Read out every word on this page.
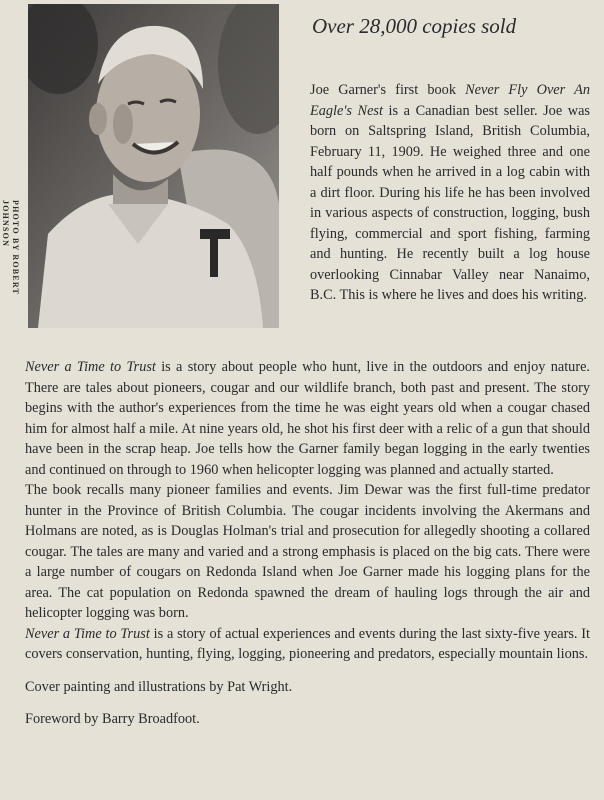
PHOTO BY ROBERT JOHNSON
Over 28,000 copies sold
Joe Garner's first book Never Fly Over An Eagle's Nest is a Canadian best seller. Joe was born on Saltspring Island, British Columbia, February 11, 1909. He weighed three and one half pounds when he arrived in a log cabin with a dirt floor. During his life he has been involved in various aspects of construction, logging, bush flying, commercial and sport fishing, farming and hunting. He recently built a log house overlooking Cinnabar Valley near Nanaimo, B.C. This is where he lives and does his writing.

Never a Time to Trust is a story about people who hunt, live in the outdoors and enjoy nature. There are tales about pioneers, cougar and our wildlife branch, both past and present. The story begins with the author's experiences from the time he was eight years old when a cougar chased him for almost half a mile. At nine years old, he shot his first deer with a relic of a gun that should have been in the scrap heap. Joe tells how the Garner family began logging in the early twenties and continued on through to 1960 when helicopter logging was planned and actually started.

The book recalls many pioneer families and events. Jim Dewar was the first full-time predator hunter in the Province of British Columbia. The cougar incidents involving the Akermans and Holmans are noted, as is Douglas Holman's trial and prosecution for allegedly shooting a collared cougar. The tales are many and varied and a strong emphasis is placed on the big cats. There were a large number of cougars on Redonda Island when Joe Garner made his logging plans for the area. The cat population on Redonda spawned the dream of hauling logs through the air and helicopter logging was born.

Never a Time to Trust is a story of actual experiences and events during the last sixty-five years. It covers conservation, hunting, flying, logging, pioneering and predators, especially mountain lions.

Cover painting and illustrations by Pat Wright.

Foreword by Barry Broadfoot.
